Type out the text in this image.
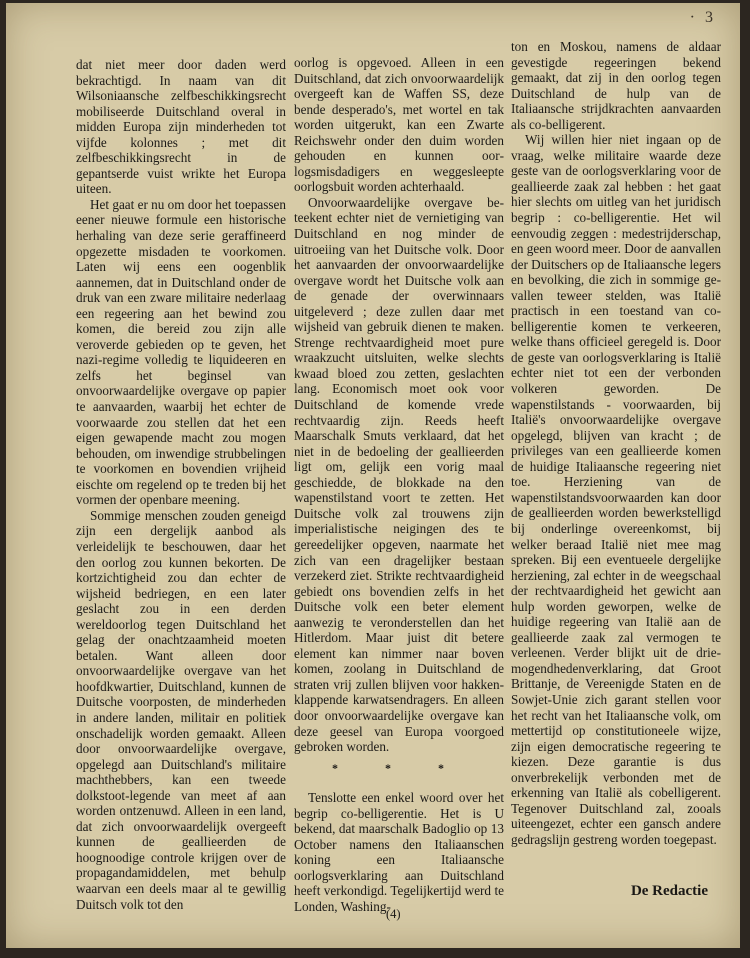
· 3

dat niet meer door daden werd bekrachtigd. In naam van dit Wilsoniaansche zelfbeschikkingsrecht mobiliseerde Duitschland overal in midden Europa zijn minderheden tot vijfde kolonnes ; met dit zelfbeschikkingsrecht in de gepantserde vuist wrikte het Europa uiteen.

Het gaat er nu om door het toepassen eener nieuwe formule een historische herhaling van deze serie geraffineerd opgezette misdaden te voorkomen. Laten wij eens een oogenblik aannemen, dat in Duitschland onder de druk van een zware militaire nederlaag een regeering aan het bewind zou komen, die bereid zou zijn alle veroverde gebieden op te geven, het nazi-regime volledig te liquideeren en zelfs het beginsel van onvoorwaardelijke overgave op papier te aanvaarden, waarbij het echter de voorwaarde zou stellen dat het een eigen gewapende macht zou mogen behouden, om inwendige strubbelingen te voorkomen en bovendien vrijheid eischte om regelend op te treden bij het vormen der openbare meening.

Sommige menschen zouden geneigd zijn een dergelijk aanbod als verleidelijk te beschouwen, daar het den oorlog zou kunnen bekorten. De kortzichtigheid zou dan echter de wijsheid bedriegen, en een later geslacht zou in een derden wereldoorlog tegen Duitschland het gelag der onachtzaamheid moeten betalen. Want alleen door onvoorwaardelijke overgave van het hoofdkwartier, Duitschland, kunnen de Duitsche voorposten, de minderheden in andere landen, militair en politiek onschadelijk worden gemaakt. Alleen door onvoorwaardelijke overgave, opgelegd aan Duitschland's militaire machthebbers, kan een tweede dolkstoot-legende van meet af aan worden ontzenuwd. Alleen in een land, dat zich onvoorwaardelijk overgeeft kunnen de geallieerden de hoognoodige controle krijgen over de propagandamiddelen, met behulp waarvan een deels maar al te gewillig Duitsch volk tot den

oorlog is opgevoed. Alleen in een Duitschland, dat zich onvoorwaardelijk overgeeft kan de Waffen SS, deze bende desperado's, met wortel en tak worden uitgerukt, kan een Zwarte Reichswehr onder den duim worden gehouden en kunnen oorlogsmisdadigers en weggesleepte oorlogsbuit worden achterhaald.

Onvoorwaardelijke overgave beteekent echter niet de vernietiging van Duitschland en nog minder de uitroeiing van het Duitsche volk. Door het aanvaarden der onvoorwaardelijke overgave wordt het Duitsche volk aan de genade der overwinnaars uitgeleverd ; deze zullen daar met wijsheid van gebruik dienen te maken. Strenge rechtvaardigheid moet pure wraakzucht uitsluiten, welke slechts kwaad bloed zou zetten, geslachten lang. Economisch moet ook voor Duitschland de komende vrede rechtvaardig zijn. Reeds heeft Maarschalk Smuts verklaard, dat het niet in de bedoeling der geallieerden ligt om, gelijk een vorig maal geschiedde, de blokkade na den wapenstilstand voort te zetten. Het Duitsche volk zal trouwens zijn imperialistische neigingen des te gereedelijker opgeven, naarmate het zich van een dragelijker bestaan verzekerd ziet. Strikte rechtvaardigheid gebiedt ons bovendien zelfs in het Duitsche volk een beter element aanwezig te veronderstellen dan het Hitlerdom. Maar juist dit betere element kan nimmer naar boven komen, zoolang in Duitschland de straten vrij zullen blijven voor hakkenklappende karwatsendragers. En alleen door onvoorwaardelijke overgave kan deze geesel van Europa voorgoed gebroken worden.

* * *

Tenslotte een enkel woord over het begrip co-belligerentie. Het is U bekend, dat maarschalk Badoglio op 13 October namens den Italiaanschen koning een Italiaansche oorlogsverklaring aan Duitschland heeft verkondigd. Tegelijkertijd werd te Londen, Washing-

ton en Moskou, namens de aldaar gevestigde regeeringen bekend gemaakt, dat zij in den oorlog tegen Duitschland de hulp van de Italiaansche strijdkrachten aanvaarden als co-belligerent.

Wij willen hier niet ingaan op de vraag, welke militaire waarde deze geste van de oorlogsverklaring voor de geallieerde zaak zal hebben : het gaat hier slechts om uitleg van het juridisch begrip : co-belligerentie. Het wil eenvoudig zeggen : medestrijderschap, en geen woord meer. Door de aanvallen der Duitschers op de Italiaansche legers en bevolking, die zich in sommige gevallen teweer stelden, was Italië practisch in een toestand van cobelligerentie komen te verkeeren, welke thans officieel geregeld is. Door de geste van oorlogsverklaring is Italië echter niet tot een der verbonden volkeren geworden. De wapenstilstands - voorwaarden, bij Italië's onvoorwaardelijke overgave opgelegd, blijven van kracht ; de privileges van een geallieerde komen de huidige Italiaansche regeering niet toe. Herziening van de wapenstilstandsvoorwaarden kan door de geallieerden worden bewerkstelligd bij onderlinge overeenkomst, bij welker beraad Italië niet mee mag spreken. Bij een eventueele dergelijke herziening, zal echter in de weegschaal der rechtvaardigheid het gewicht aan hulp worden geworpen, welke de huidige regeering van Italië aan de geallieerde zaak zal vermogen te verleenen. Verder blijkt uit de drie-mogendhedenverklaring, dat Groot Brittanje, de Vereenigde Staten en de Sowjet-Unie zich garant stellen voor het recht van het Italiaansche volk, om mettertijd op constitutioneele wijze, zijn eigen democratische regeering te kiezen. Deze garantie is dus onverbrekelijk verbonden met de erkenning van Italië als cobelligerent. Tegenover Duitschland zal, zooals uiteengezet, echter een gansch andere gedragslijn gestreng worden toegepast.

De Redactie
(4)
